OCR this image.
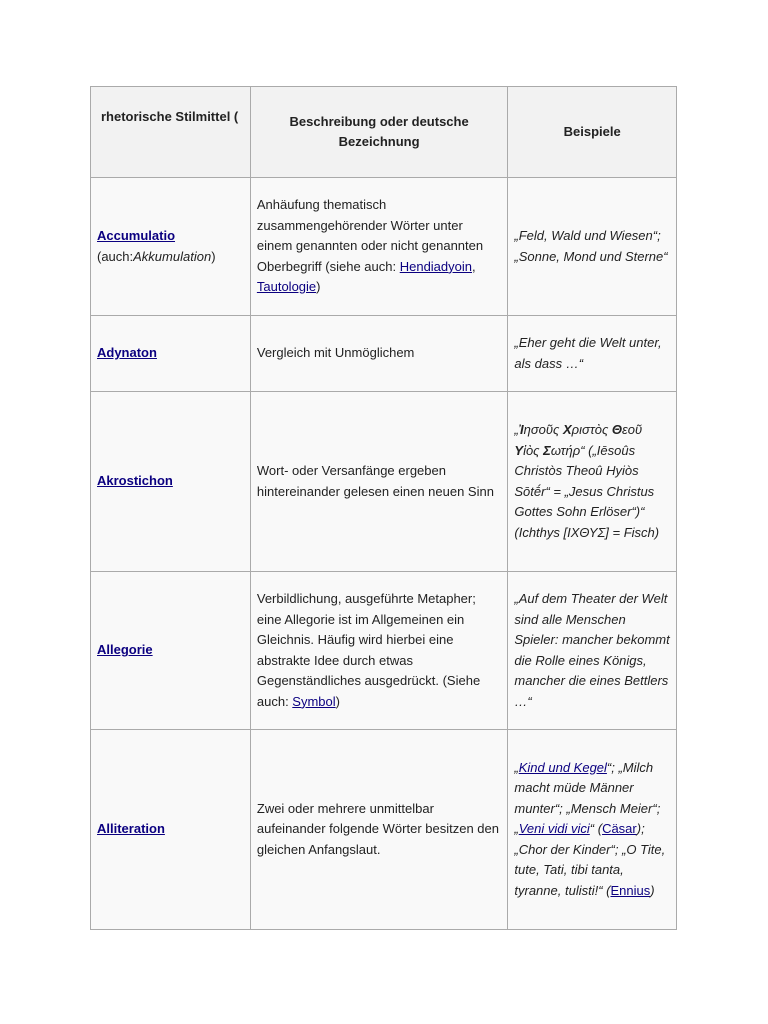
rhetorische Stilmittel (	Beschreibung oder deutsche Bezeichnung	Beispiele
Accumulatio (auch:Akkumulation)	Anhäufung thematisch zusammengehörender Wörter unter einem genannten oder nicht genannten Oberbegriff (siehe auch: Hendiadyoin, Tautologie)	„Feld, Wald und Wiesen“; „Sonne, Mond und Sterne“
Adynaton	Vergleich mit Unmöglichem	„Eher geht die Welt unter, als dass …“
Akrostichon	Wort- oder Versanfänge ergeben hintereinander gelesen einen neuen Sinn	„Ἰησοῦς Χριστὸς Θεοῦ Υἱὸς Σωτήρ“ („Iēsoûs Christòs Theoû Hyiòs Sōtḗr“ = „Jesus Christus Gottes Sohn Erlöser“)“ (Ichthys [ΙΧΘΥΣ] = Fisch)
Allegorie	Verbildlichung, ausgeführte Metapher; eine Allegorie ist im Allgemeinen ein Gleichnis. Häufig wird hierbei eine abstrakte Idee durch etwas Gegenständliches ausgedrückt. (Siehe auch: Symbol)	„Auf dem Theater der Welt sind alle Menschen Spieler: mancher bekommt die Rolle eines Königs, mancher die eines Bettlers …“
Alliteration	Zwei oder mehrere unmittelbar aufeinander folgende Wörter besitzen den gleichen Anfangslaut.	„Kind und Kegel“; „Milch macht müde Männer munter“; „Mensch Meier“; „Veni vidi vici“ (Cäsar); „Chor der Kinder“; „O Tite, tute, Tati, tibi tanta, tyranne, tulisti!“ (Ennius)
